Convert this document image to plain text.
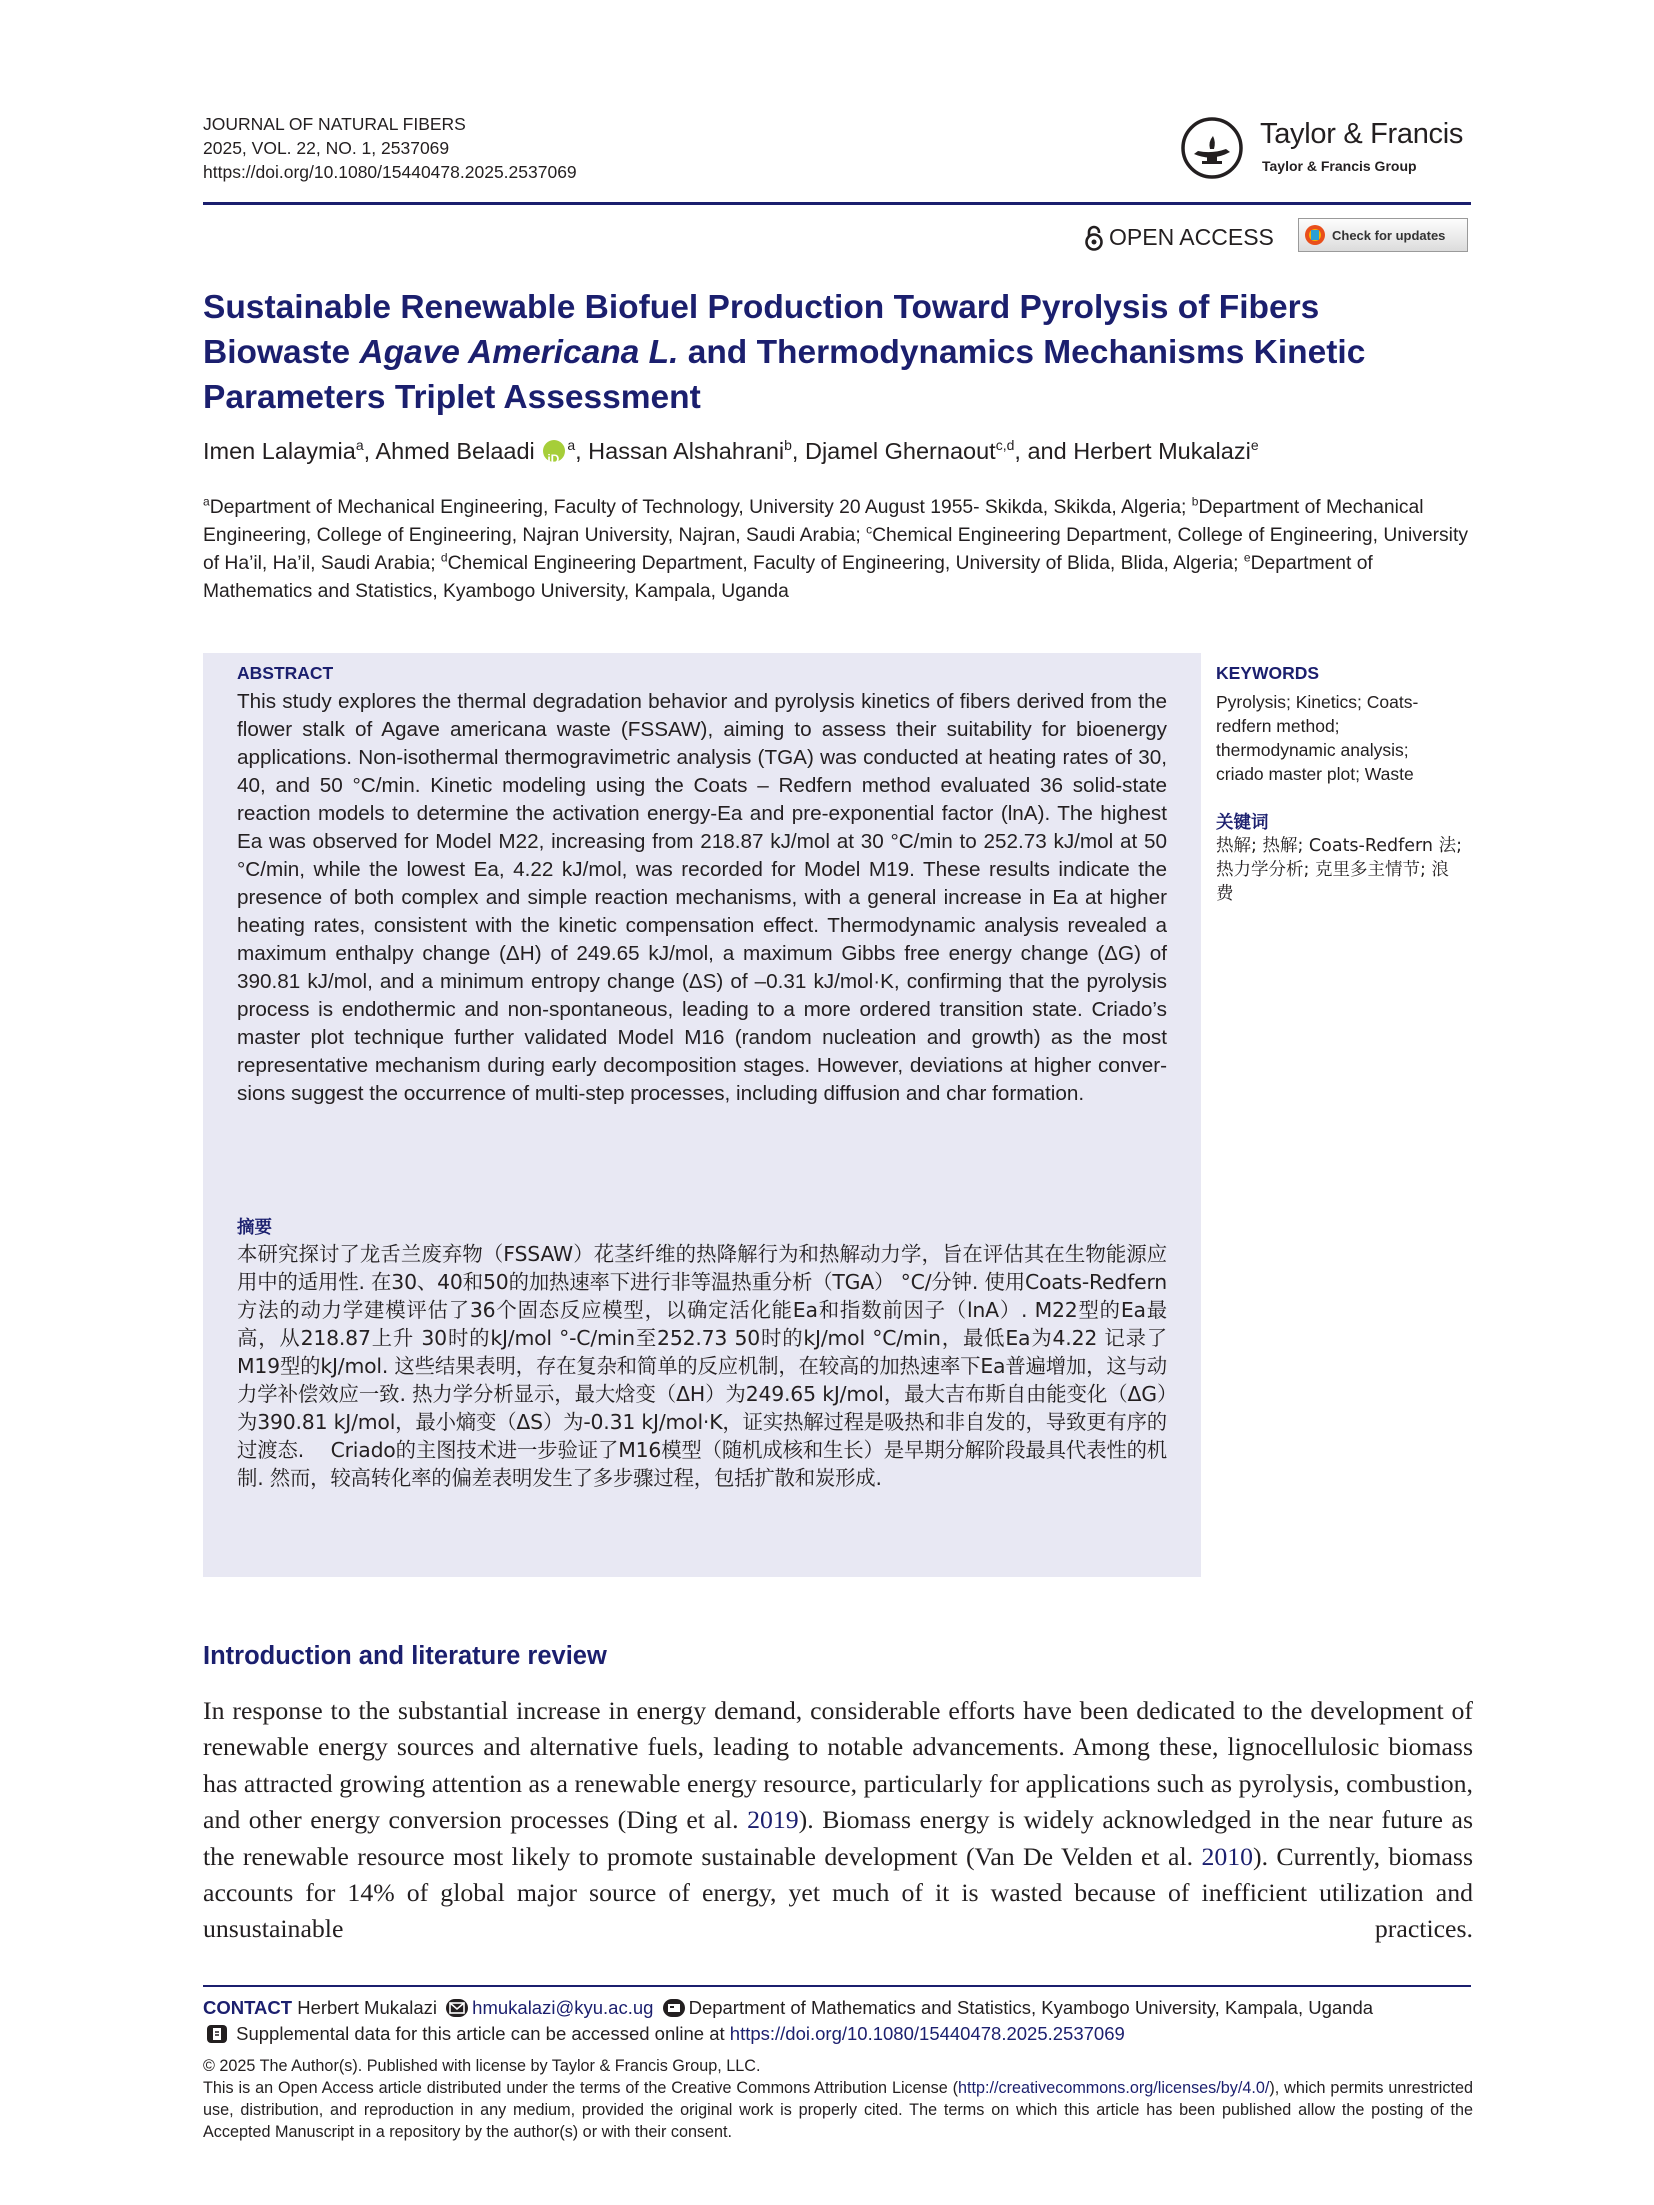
JOURNAL OF NATURAL FIBERS
2025, VOL. 22, NO. 1, 2537069
https://doi.org/10.1080/15440478.2025.2537069
Taylor & Francis
Taylor & Francis Group
OPEN ACCESS	Check for updates
Sustainable Renewable Biofuel Production Toward Pyrolysis of Fibers Biowaste Agave Americana L. and Thermodynamics Mechanisms Kinetic Parameters Triplet Assessment
Imen Lalaymia$^a$, Ahmed Belaadi iD $^a$, Hassan Alshahrani$^b$, Djamel Ghernaout$^{c,d}$, and Herbert Mukalazi$^e$
$^a$Department of Mechanical Engineering, Faculty of Technology, University 20 August 1955- Skikda, Skikda, Algeria; $^b$Department of Mechanical Engineering, College of Engineering, Najran University, Najran, Saudi Arabia; $^c$Chemical Engineering Department, College of Engineering, University of Ha’il, Ha’il, Saudi Arabia; $^d$Chemical Engineering Department, Faculty of Engineering, University of Blida, Blida, Algeria; $^e$Department of Mathematics and Statistics, Kyambogo University, Kampala, Uganda
ABSTRACT
This study explores the thermal degradation behavior and pyrolysis kinetics of fibers derived from the flower stalk of Agave americana waste (FSSAW), aiming to assess their suitability for bioenergy applications. Non-isothermal thermogravimetric analysis (TGA) was conducted at heating rates of 30, 40, and 50 °C/min. Kinetic modeling using the Coats – Redfern method evaluated 36 solid-state reaction models to determine the activation energy-Ea and pre-exponential factor (lnA). The highest Ea was observed for Model M22, increasing from 218.87 kJ/mol at 30 °C/min to 252.73 kJ/mol at 50 °C/min, while the lowest Ea, 4.22 kJ/mol, was recorded for Model M19. These results indicate the presence of both complex and simple reaction mechanisms, with a general increase in Ea at higher heating rates, consistent with the kinetic compensation effect. Thermodynamic analysis revealed a maximum enthalpy change (ΔH) of 249.65 kJ/mol, a maximum Gibbs free energy change (ΔG) of 390.81 kJ/mol, and a minimum entropy change (ΔS) of –0.31 kJ/mol·K, confirming that the pyrolysis process is endothermic and non-spontaneous, leading to a more ordered transition state. Criado’s master plot technique further validated Model M16 (random nucleation and growth) as the most representative mechanism during early decomposition stages. However, deviations at higher conversions suggest the occurrence of multi-step processes, including diffusion and char formation.
摘要
本研究探讨了龙舌兰废弃物（FSSAW）花茎纤维的热降解行为和热解动力学，旨在评估其在生物能源应用中的适用性. 在30、40和50的加热速率下进行非等温热重分析（TGA） °C/分钟. 使用Coats-Redfern方法的动力学建模评估了36个固态反应模型，以确定活化能Ea和指数前因子（lnA）. M22型的Ea最高，从218.87上升 30时的kJ/mol °-C/min至252.73 50时的kJ/mol °C/min，最低Ea为4.22 记录了M19型的kJ/mol. 这些结果表明，存在复杂和简单的反应机制，在较高的加热速率下Ea普遍增加，这与动力学补偿效应一致. 热力学分析显示，最大焓变（ΔH）为249.65 kJ/mol，最大吉布斯自由能变化（ΔG）为390.81 kJ/mol，最小熵变（ΔS）为-0.31 kJ/mol·K，证实热解过程是吸热和非自发的，导致更有序的过渡态.　 Criado的主图技术进一步验证了M16模型（随机成核和生长）是早期分解阶段最具代表性的机制. 然而，较高转化率的偏差表明发生了多步骤过程，包括扩散和炭形成.
KEYWORDS
Pyrolysis; Kinetics; Coats-redfern method; thermodynamic analysis; criado master plot; Waste
关键词
热解; 热解; Coats-Redfern 法; 热力学分析; 克里多主情节; 浪费
Introduction and literature review
In response to the substantial increase in energy demand, considerable efforts have been dedicated to the development of renewable energy sources and alternative fuels, leading to notable advancements. Among these, lignocellulosic biomass has attracted growing attention as a renewable energy resource, particularly for applications such as pyrolysis, combustion, and other energy conversion processes (Ding et al. 2019). Biomass energy is widely acknowledged in the near future as the renewable resource most likely to promote sustainable development (Van De Velden et al. 2010). Currently, biomass accounts for 14% of global major source of energy, yet much of it is wasted because of inefficient utilization and unsustainable practices.
CONTACT Herbert Mukalazi hmukalazi@kyu.ac.ug Department of Mathematics and Statistics, Kyambogo University, Kampala, Uganda
Supplemental data for this article can be accessed online at https://doi.org/10.1080/15440478.2025.2537069
© 2025 The Author(s). Published with license by Taylor & Francis Group, LLC.
This is an Open Access article distributed under the terms of the Creative Commons Attribution License (http://creativecommons.org/licenses/by/4.0/), which permits unrestricted use, distribution, and reproduction in any medium, provided the original work is properly cited. The terms on which this article has been published allow the posting of the Accepted Manuscript in a repository by the author(s) or with their consent.
